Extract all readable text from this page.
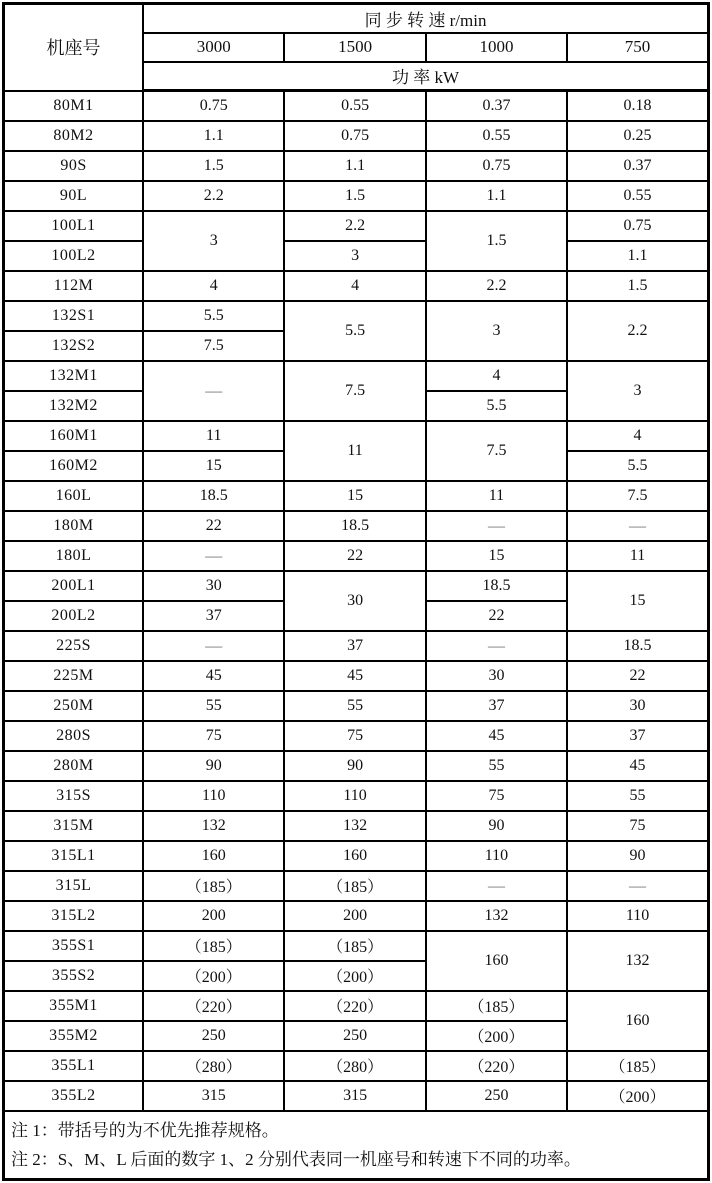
机座号	同 步 转 速 r/min			
	3000	1500	1000	750
	功 率 kW			
80M1	0.75	0.55	0.37	0.18
80M2	1.1	0.75	0.55	0.25
90S	1.5	1.1	0.75	0.37
90L	2.2	1.5	1.1	0.55
100L1	3	2.2	1.5	0.75
100L2		3		1.1
112M	4	4	2.2	1.5
132S1	5.5	5.5	3	2.2
132S2	7.5			
132M1	—	7.5	4	3
132M2			5.5	
160M1	11	11	7.5	4
160M2	15			5.5
160L	18.5	15	11	7.5
180M	22	18.5	—	—
180L	—	22	15	11
200L1	30	30	18.5	15
200L2	37		22	
225S	—	37	—	18.5
225M	45	45	30	22
250M	55	55	37	30
280S	75	75	45	37
280M	90	90	55	45
315S	110	110	75	55
315M	132	132	90	75
315L1	160	160	110	90
315L	（185）	（185）	—	—
315L2	200	200	132	110
355S1	（185）	（185）	160	132
355S2	（200）	（200）		
355M1	（220）	（220）	（185）	160
355M2	250	250	（200）	
355L1	（280）	（280）	（220）	（185）
355L2	315	315	250	（200）

注 1：带括号的为不优先推荐规格。
注 2：S、M、L 后面的数字 1、2 分别代表同一机座号和转速下不同的功率。				
